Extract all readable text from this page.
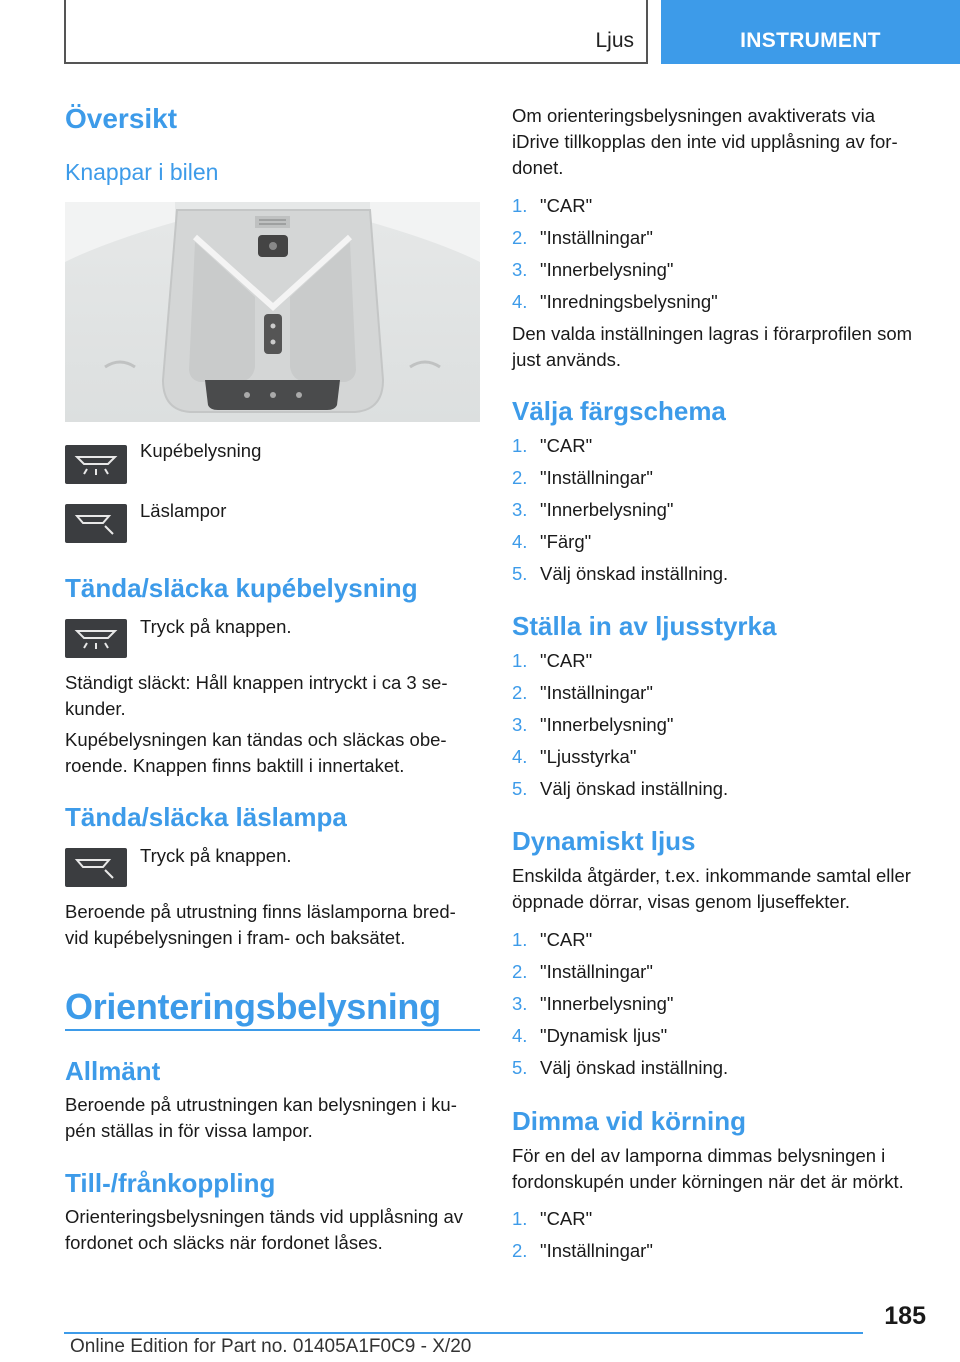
Ljus	INSTRUMENT
Översikt
Knappar i bilen
Kupébelysning
Läslampor
Tända/släcka kupébelysning
Tryck på knappen.
Ständigt släckt: Håll knappen intryckt i ca 3 se-
kunder.
Kupébelysningen kan tändas och släckas obe-
roende. Knappen finns baktill i innertaket.
Tända/släcka läslampa
Tryck på knappen.
Beroende på utrustning finns läslamporna bred-
vid kupébelysningen i fram- och baksätet.
Orienteringsbelysning
Allmänt
Beroende på utrustningen kan belysningen i ku-
pén ställas in för vissa lampor.
Till-/frånkoppling
Orienteringsbelysningen tänds vid upplåsning av
fordonet och släcks när fordonet låses.
Om orienteringsbelysningen avaktiverats via
iDrive tillkopplas den inte vid upplåsning av for-
donet.
1. "CAR"
2. "Inställningar"
3. "Innerbelysning"
4. "Inredningsbelysning"
Den valda inställningen lagras i förarprofilen som
just används.
Välja färgschema
1. "CAR"
2. "Inställningar"
3. "Innerbelysning"
4. "Färg"
5. Välj önskad inställning.
Ställa in av ljusstyrka
1. "CAR"
2. "Inställningar"
3. "Innerbelysning"
4. "Ljusstyrka"
5. Välj önskad inställning.
Dynamiskt ljus
Enskilda åtgärder, t.ex. inkommande samtal eller
öppnade dörrar, visas genom ljuseffekter.
1. "CAR"
2. "Inställningar"
3. "Innerbelysning"
4. "Dynamisk ljus"
5. Välj önskad inställning.
Dimma vid körning
För en del av lamporna dimmas belysningen i
fordonskupén under körningen när det är mörkt.
1. "CAR"
2. "Inställningar"
185
Online Edition for Part no. 01405A1F0C9 - X/20
